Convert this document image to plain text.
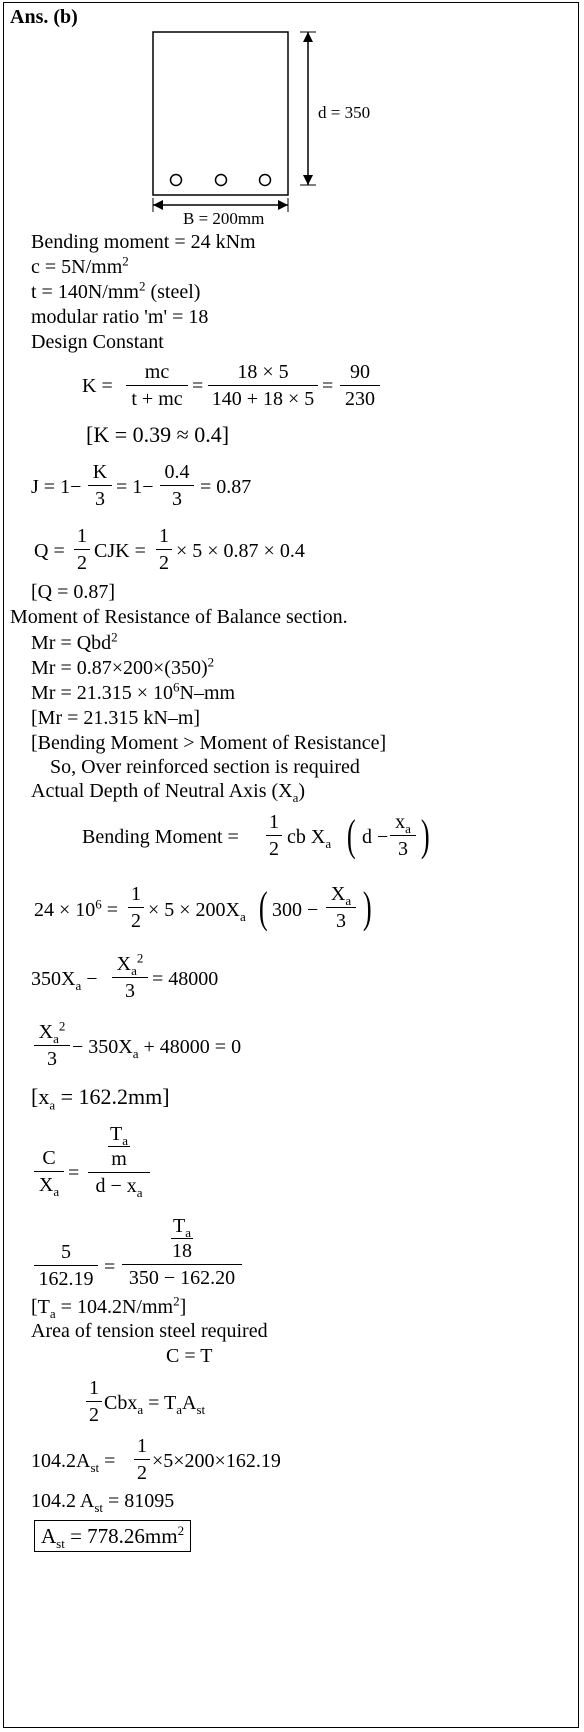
Ans. (b)
d = 350
B = 200mm
Bending moment = 24 kNm
$c = 5N/mm^2$
$t = 140N/mm^2$ (steel)
modular ratio 'm' = 18
Design Constant
K =
mc
t + mc
=
18 × 5
140 + 18 × 5
=
90
230
[K = 0.39 ≈ 0.4]
J = 1−
K
3
= 1−
0.4
3
= 0.87
Q =
1
2
CJK =
1
2
× 5 × 0.87 × 0.4
[Q = 0.87]
Moment of Resistance of Balance section.
Mr = Qbd$^2$
$Mr = 0.87\times 200\times(350)^2$
$Mr = 21.315 \times 10^6N-mm$
[Mr = 21.315 kN–m]
[Bending Moment > Moment of Resistance]
So, Over reinforced section is required
Actual Depth of Neutral Axis $(X_a)$
Bending Moment =
1
2
cb $X_a$ ( d −
$x_a$
3 )
$24 \times 10^6$ =
1
$2 \times 5 \times 200X_a$ ( 300 −
$X_a$
3 )
$350X_a$ −
$X_a^2$
3
= 48000
$X_a^2$
3
− $350X_a + 48000 = 0$
$[x_a = 162.2mm]$
C
$X_a$
=
$T_a$
m
$d - x_a$
5
162.19
=
$T_a$
18
350 − 162.20
$[T_a = 104.2N/mm^2]$
Area of tension steel required
C = T
1
2
$Cbx_a = T_aA_{st}$
$104.2A_{st}$ =
1
2
×5×200×162.19
104.2 $A_{st} = 81095$
$A_{st} = 778.26mm^2$
